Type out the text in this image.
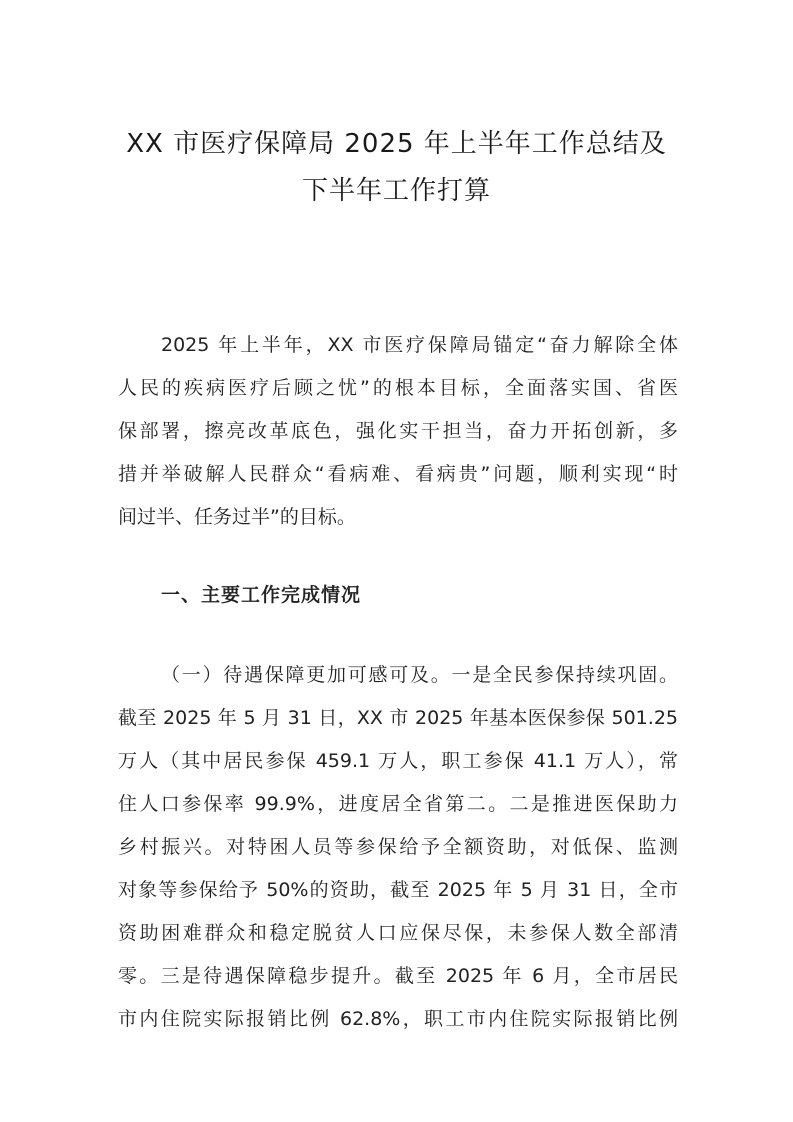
XX 市医疗保障局 2025 年上半年工作总结及
下半年工作打算

2025 年上半年，XX 市医疗保障局锚定“奋力解除全体

人民的疾病医疗后顾之忧”的根本目标，全面落实国、省医

保部署，擦亮改革底色，强化实干担当，奋力开拓创新，多

措并举破解人民群众“看病难、看病贵”问题，顺利实现“时

间过半、任务过半”的目标。

一、主要工作完成情况

（一）待遇保障更加可感可及。一是全民参保持续巩固。

截至 2025 年 5 月 31 日，XX 市 2025 年基本医保参保 501.25

万人（其中居民参保 459.1 万人，职工参保 41.1 万人），常

住人口参保率 99.9%，进度居全省第二。二是推进医保助力

乡村振兴。对特困人员等参保给予全额资助，对低保、监测

对象等参保给予 50%的资助，截至 2025 年 5 月 31 日，全市

资助困难群众和稳定脱贫人口应保尽保，未参保人数全部清

零。三是待遇保障稳步提升。截至 2025 年 6 月，全市居民

市内住院实际报销比例 62.8%，职工市内住院实际报销比例
